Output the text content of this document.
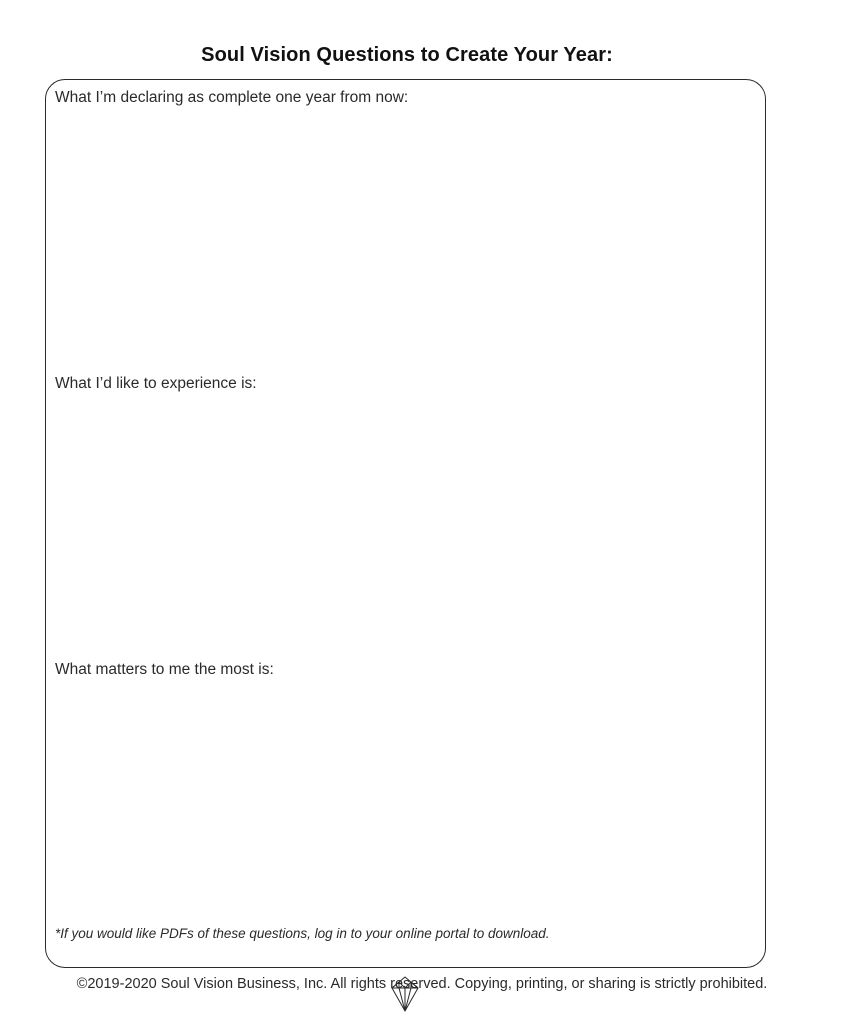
Soul Vision Questions to Create Your Year:
What I’m declaring as complete one year from now:
What I’d like to experience is:
What matters to me the most is:
*If you would like PDFs of these questions, log in to your online portal to download.
©2019-2020 Soul Vision Business, Inc. All rights reserved. Copying, printing, or sharing is strictly prohibited.
